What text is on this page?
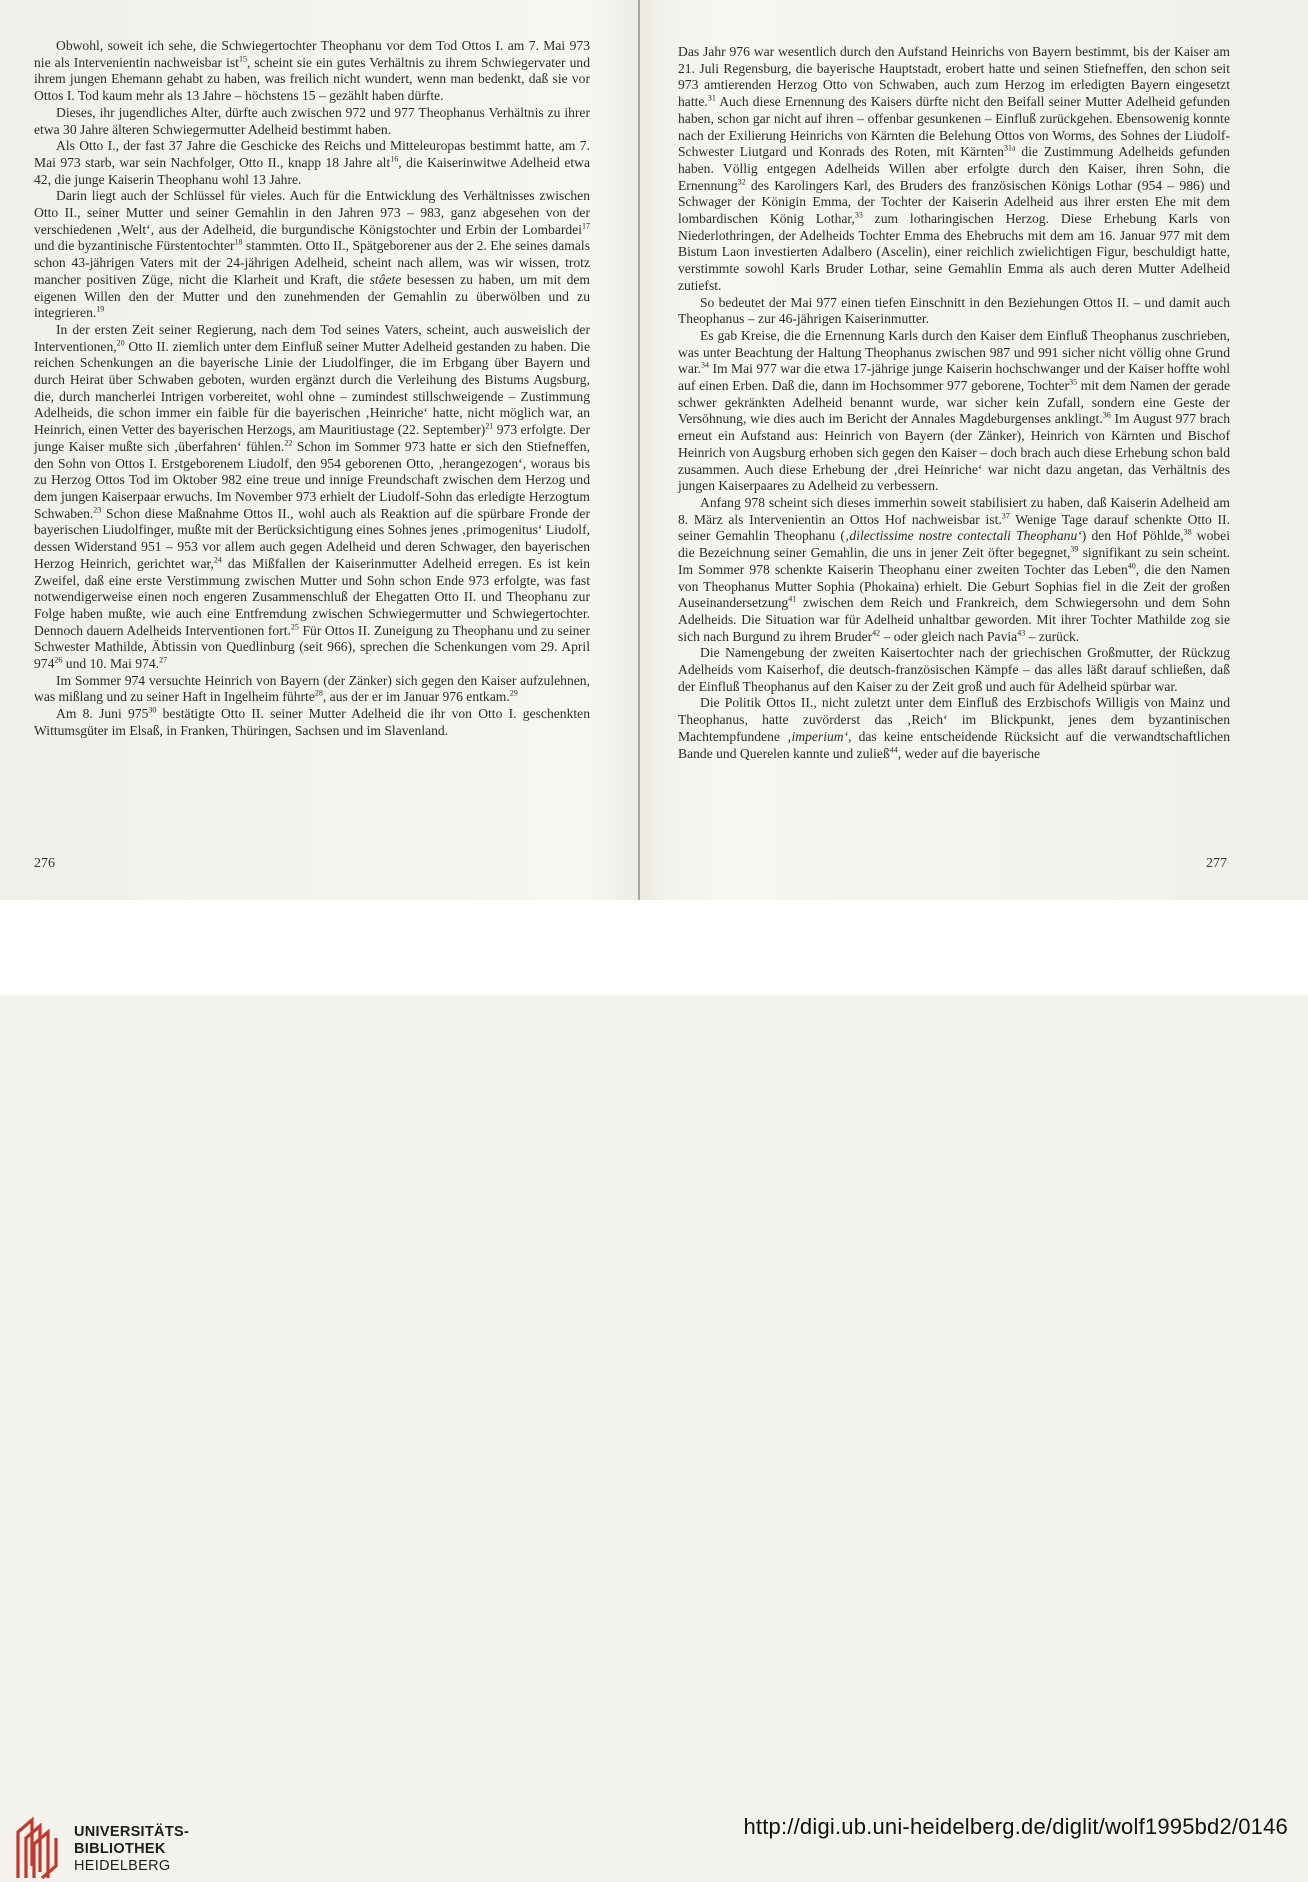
Obwohl, soweit ich sehe, die Schwiegertochter Theophanu vor dem Tod Ottos I. am 7. Mai 973 nie als Intervenientin nachweisbar ist$^{15}$, scheint sie ein gutes Verhältnis zu ihrem Schwiegervater und ihrem jungen Ehemann gehabt zu haben, was freilich nicht wundert, wenn man bedenkt, daß sie vor Ottos I. Tod kaum mehr als 13 Jahre – höchstens 15 – gezählt haben dürfte.

Dieses, ihr jugendliches Alter, dürfte auch zwischen 972 und 977 Theophanus Verhältnis zu ihrer etwa 30 Jahre älteren Schwiegermutter Adelheid bestimmt haben.

Als Otto I., der fast 37 Jahre die Geschicke des Reichs und Mitteleuropas bestimmt hatte, am 7. Mai 973 starb, war sein Nachfolger, Otto II., knapp 18 Jahre alt$^{16}$, die Kaiserinwitwe Adelheid etwa 42, die junge Kaiserin Theophanu wohl 13 Jahre.

Darin liegt auch der Schlüssel für vieles. Auch für die Entwicklung des Verhältnisses zwischen Otto II., seiner Mutter und seiner Gemahlin in den Jahren 973 – 983, ganz abgesehen von der verschiedenen ‚Welt‘, aus der Adelheid, die burgundische Königstochter und Erbin der Lombardei$^{17}$ und die byzantinische Fürstentochter$^{18}$ stammten. Otto II., Spätgeborener aus der 2. Ehe seines damals schon 43-jährigen Vaters mit der 24-jährigen Adelheid, scheint nach allem, was wir wissen, trotz mancher positiven Züge, nicht die Klarheit und Kraft, die stâete besessen zu haben, um mit dem eigenen Willen den der Mutter und den zunehmenden der Gemahlin zu überwölben und zu integrieren.$^{19}$

In der ersten Zeit seiner Regierung, nach dem Tod seines Vaters, scheint, auch ausweislich der Interventionen,$^{20}$ Otto II. ziemlich unter dem Einfluß seiner Mutter Adelheid gestanden zu haben. Die reichen Schenkungen an die bayerische Linie der Liudolfinger, die im Erbgang über Bayern und durch Heirat über Schwaben geboten, wurden ergänzt durch die Verleihung des Bistums Augsburg, die, durch mancherlei Intrigen vorbereitet, wohl ohne – zumindest stillschweigende – Zustimmung Adelheids, die schon immer ein faible für die bayerischen ‚Heinriche‘ hatte, nicht möglich war, an Heinrich, einen Vetter des bayerischen Herzogs, am Mauritiustage (22. September)$^{21}$ 973 erfolgte. Der junge Kaiser mußte sich ‚überfahren‘ fühlen.$^{22}$ Schon im Sommer 973 hatte er sich den Stiefneffen, den Sohn von Ottos I. Erstgeborenem Liudolf, den 954 geborenen Otto, ‚herangezogen‘, woraus bis zu Herzog Ottos Tod im Oktober 982 eine treue und innige Freundschaft zwischen dem Herzog und dem jungen Kaiserpaar erwuchs. Im November 973 erhielt der Liudolf-Sohn das erledigte Herzogtum Schwaben.$^{23}$ Schon diese Maßnahme Ottos II., wohl auch als Reaktion auf die spürbare Fronde der bayerischen Liudolfinger, mußte mit der Berücksichtigung eines Sohnes jenes ‚primogenitus‘ Liudolf, dessen Widerstand 951 – 953 vor allem auch gegen Adelheid und deren Schwager, den bayerischen Herzog Heinrich, gerichtet war,$^{24}$ das Mißfallen der Kaiserinmutter Adelheid erregen. Es ist kein Zweifel, daß eine erste Verstimmung zwischen Mutter und Sohn schon Ende 973 erfolgte, was fast notwendigerweise einen noch engeren Zusammenschluß der Ehegatten Otto II. und Theophanu zur Folge haben mußte, wie auch eine Entfremdung zwischen Schwiegermutter und Schwiegertochter. Dennoch dauern Adelheids Interventionen fort.$^{25}$ Für Ottos II. Zuneigung zu Theophanu und zu seiner Schwester Mathilde, Äbtissin von Quedlinburg (seit 966), sprechen die Schenkungen vom 29. April 974$^{26}$ und 10. Mai 974.27

Im Sommer 974 versuchte Heinrich von Bayern (der Zänker) sich gegen den Kaiser aufzulehnen, was mißlang und zu seiner Haft in Ingelheim führte$^{28}$, aus der er im Januar 976 entkam.$^{29}$

Am 8. Juni 975$^{30}$ bestätigte Otto II. seiner Mutter Adelheid die ihr von Otto I. geschenkten Wittumsgüter im Elsaß, in Franken, Thüringen, Sachsen und im Slavenland.

276

Das Jahr 976 war wesentlich durch den Aufstand Heinrichs von Bayern bestimmt, bis der Kaiser am 21. Juli Regensburg, die bayerische Hauptstadt, erobert hatte und seinen Stiefneffen, den schon seit 973 amtierenden Herzog Otto von Schwaben, auch zum Herzog im erledigten Bayern eingesetzt hatte.$^{31}$ Auch diese Ernennung des Kaisers dürfte nicht den Beifall seiner Mutter Adelheid gefunden haben, schon gar nicht auf ihren – offenbar gesunkenen – Einfluß zurückgehen. Ebensowenig konnte nach der Exilierung Heinrichs von Kärnten die Belehung Ottos von Worms, des Sohnes der Liudolf-Schwester Liutgard und Konrads des Roten, mit Kärnten$^{31a}$ die Zustimmung Adelheids gefunden haben. Völlig entgegen Adelheids Willen aber erfolgte durch den Kaiser, ihren Sohn, die Ernennung$^{32}$ des Karolingers Karl, des Bruders des französischen Königs Lothar (954 – 986) und Schwager der Königin Emma, der Tochter der Kaiserin Adelheid aus ihrer ersten Ehe mit dem lombardischen König Lothar,$^{33}$ zum lotharingischen Herzog. Diese Erhebung Karls von Niederlothringen, der Adelheids Tochter Emma des Ehebruchs mit dem am 16. Januar 977 mit dem Bistum Laon investierten Adalbero (Ascelin), einer reichlich zwielichtigen Figur, beschuldigt hatte, verstimmte sowohl Karls Bruder Lothar, seine Gemahlin Emma als auch deren Mutter Adelheid zutiefst.

So bedeutet der Mai 977 einen tiefen Einschnitt in den Beziehungen Ottos II. – und damit auch Theophanus – zur 46-jährigen Kaiserinmutter.

Es gab Kreise, die die Ernennung Karls durch den Kaiser dem Einfluß Theophanus zuschrieben, was unter Beachtung der Haltung Theophanus zwischen 987 und 991 sicher nicht völlig ohne Grund war.$^{34}$ Im Mai 977 war die etwa 17-jährige junge Kaiserin hochschwanger und der Kaiser hoffte wohl auf einen Erben. Daß die, dann im Hochsommer 977 geborene, Tochter$^{35}$ mit dem Namen der gerade schwer gekränkten Adelheid benannt wurde, war sicher kein Zufall, sondern eine Geste der Versöhnung, wie dies auch im Bericht der Annales Magdeburgenses anklingt.$^{36}$ Im August 977 brach erneut ein Aufstand aus: Heinrich von Bayern (der Zänker), Heinrich von Kärnten und Bischof Heinrich von Augsburg erhoben sich gegen den Kaiser – doch brach auch diese Erhebung schon bald zusammen. Auch diese Erhebung der ‚drei Heinriche‘ war nicht dazu angetan, das Verhältnis des jungen Kaiserpaares zu Adelheid zu verbessern.

Anfang 978 scheint sich dieses immerhin soweit stabilisiert zu haben, daß Kaiserin Adelheid am 8. März als Intervenientin an Ottos Hof nachweisbar ist.$^{37}$ Wenige Tage darauf schenkte Otto II. seiner Gemahlin Theophanu (‚dilectissime nostre contectali Theophanu‘) den Hof Pöhlde,$^{38}$ wobei die Bezeichnung seiner Gemahlin, die uns in jener Zeit öfter begegnet,$^{39}$ signifikant zu sein scheint. Im Sommer 978 schenkte Kaiserin Theophanu einer zweiten Tochter das Leben$^{40}$, die den Namen von Theophanus Mutter Sophia (Phokaina) erhielt. Die Geburt Sophias fiel in die Zeit der großen Auseinandersetzung$^{41}$ zwischen dem Reich und Frankreich, dem Schwiegersohn und dem Sohn Adelheids. Die Situation war für Adelheid unhaltbar geworden. Mit ihrer Tochter Mathilde zog sie sich nach Burgund zu ihrem Bruder$^{42}$ – oder gleich nach Pavia$^{43}$ – zurück.

Die Namengebung der zweiten Kaisertochter nach der griechischen Großmutter, der Rückzug Adelheids vom Kaiserhof, die deutsch-französischen Kämpfe – das alles läßt darauf schließen, daß der Einfluß Theophanus auf den Kaiser zu der Zeit groß und auch für Adelheid spürbar war.

Die Politik Ottos II., nicht zuletzt unter dem Einfluß des Erzbischofs Willigis von Mainz und Theophanus, hatte zuvörderst das ‚Reich‘ im Blickpunkt, jenes dem byzantinischen Machtempfundene ‚imperium‘, das keine entscheidende Rücksicht auf die verwandtschaftlichen Bande und Querelen kannte und zuließ$^{44}$, weder auf die bayerische

277
UNIVERSITÄTS-
BIBLIOTHEK
HEIDELBERG
http://digi.ub.uni-heidelberg.de/diglit/wolf1995bd2/0146
